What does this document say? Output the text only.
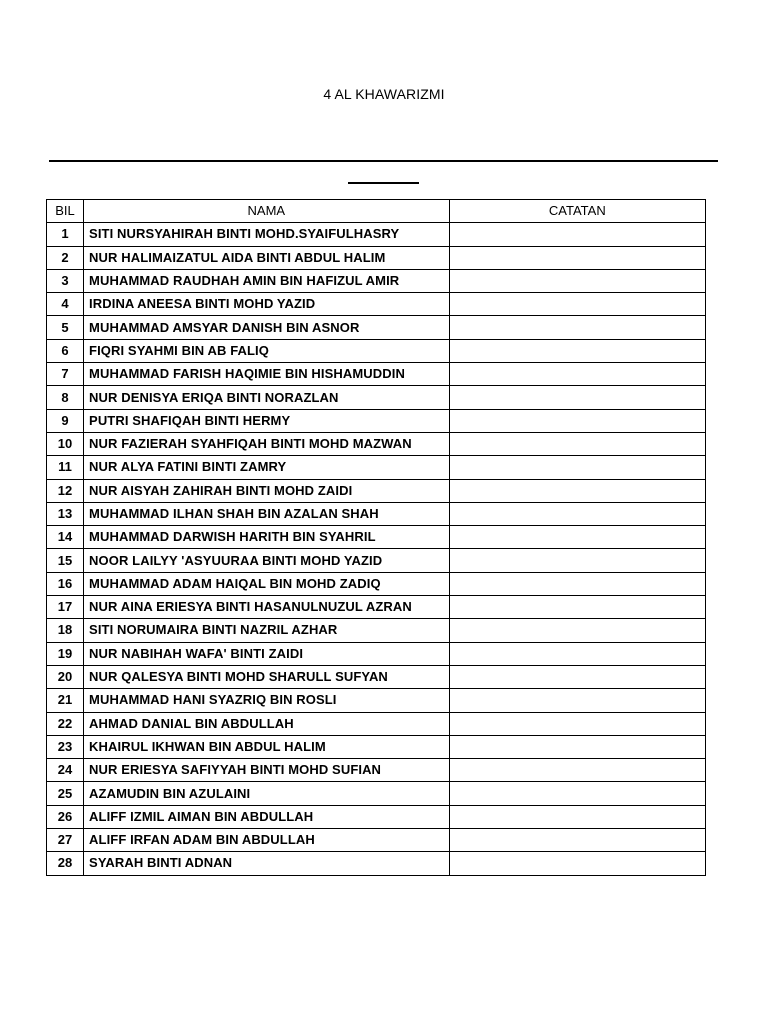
4 AL KHAWARIZMI
BIL	NAMA	CATATAN
1	SITI NURSYAHIRAH BINTI MOHD.SYAIFULHASRY	
2	NUR HALIMAIZATUL AIDA BINTI ABDUL HALIM	
3	MUHAMMAD RAUDHAH AMIN BIN HAFIZUL AMIR	
4	IRDINA ANEESA BINTI MOHD YAZID	
5	MUHAMMAD AMSYAR DANISH BIN ASNOR	
6	FIQRI SYAHMI BIN AB FALIQ	
7	MUHAMMAD FARISH HAQIMIE BIN HISHAMUDDIN	
8	NUR DENISYA ERIQA BINTI NORAZLAN	
9	PUTRI SHAFIQAH BINTI HERMY	
10	NUR FAZIERAH SYAHFIQAH BINTI MOHD MAZWAN	
11	NUR ALYA FATINI BINTI ZAMRY	
12	NUR AISYAH ZAHIRAH BINTI MOHD ZAIDI	
13	MUHAMMAD ILHAN SHAH BIN AZALAN SHAH	
14	MUHAMMAD DARWISH HARITH BIN SYAHRIL	
15	NOOR LAILYY 'ASYUURAA BINTI MOHD YAZID	
16	MUHAMMAD ADAM HAIQAL BIN MOHD ZADIQ	
17	NUR AINA ERIESYA BINTI HASANULNUZUL AZRAN	
18	SITI NORUMAIRA BINTI NAZRIL AZHAR	
19	NUR NABIHAH WAFA' BINTI ZAIDI	
20	NUR QALESYA BINTI MOHD SHARULL SUFYAN	
21	MUHAMMAD HANI SYAZRIQ BIN ROSLI	
22	AHMAD DANIAL BIN ABDULLAH	
23	KHAIRUL IKHWAN BIN ABDUL HALIM	
24	NUR ERIESYA SAFIYYAH BINTI MOHD SUFIAN	
25	AZAMUDIN BIN AZULAINI	
26	ALIFF IZMIL AIMAN BIN ABDULLAH	
27	ALIFF IRFAN ADAM BIN ABDULLAH	
28	SYARAH BINTI ADNAN	
